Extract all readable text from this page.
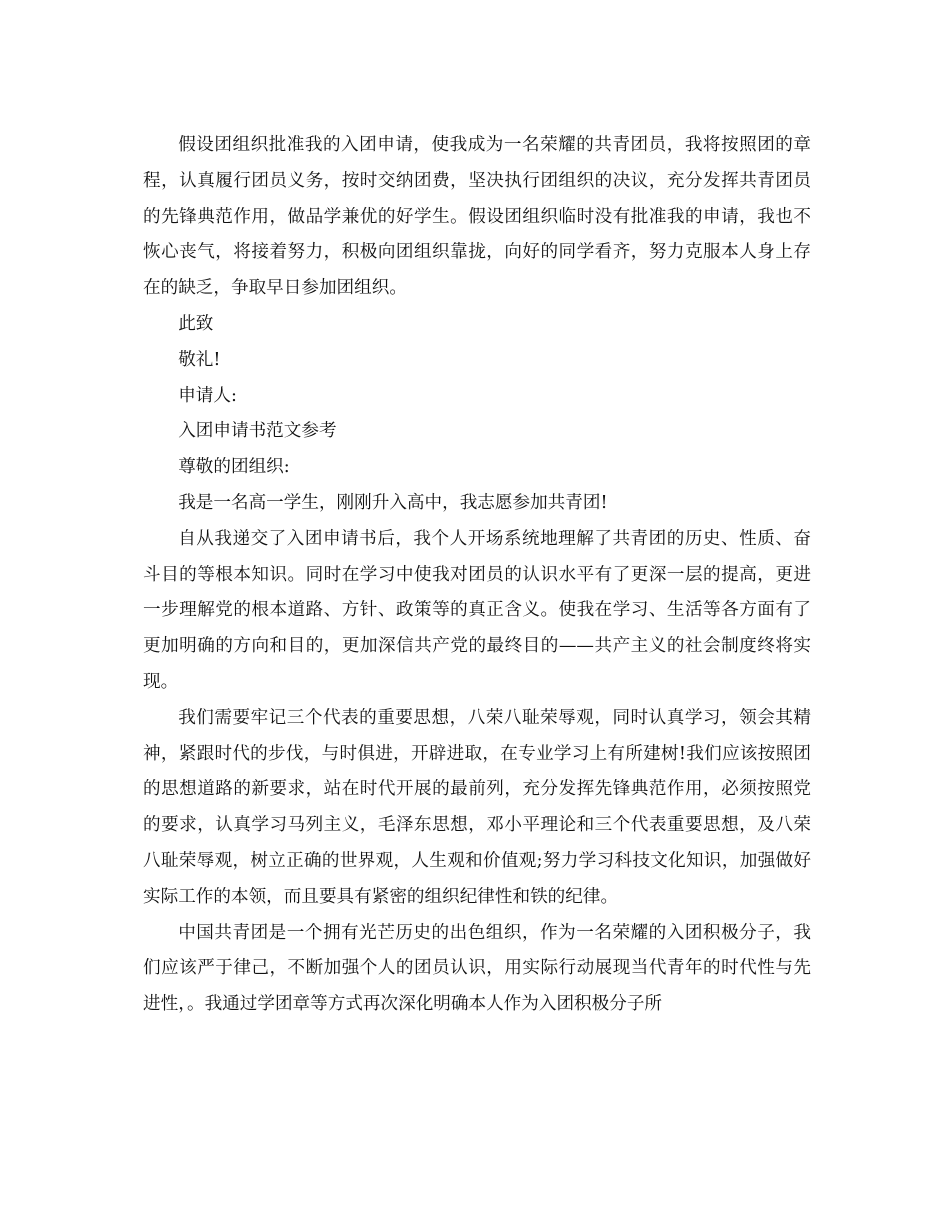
假设团组织批准我的入团申请，使我成为一名荣耀的共青团员，我将按照团的章程，认真履行团员义务，按时交纳团费，坚决执行团组织的决议，充分发挥共青团员的先锋典范作用，做品学兼优的好学生。假设团组织临时没有批准我的申请，我也不恢心丧气，将接着努力，积极向团组织靠拢，向好的同学看齐，努力克服本人身上存在的缺乏，争取早日参加团组织。

此致

敬礼!

申请人:

入团申请书范文参考

尊敬的团组织:

我是一名高一学生，刚刚升入高中，我志愿参加共青团!

自从我递交了入团申请书后，我个人开场系统地理解了共青团的历史、性质、奋斗目的等根本知识。同时在学习中使我对团员的认识水平有了更深一层的提高，更进一步理解党的根本道路、方针、政策等的真正含义。使我在学习、生活等各方面有了更加明确的方向和目的，更加深信共产党的最终目的——共产主义的社会制度终将实现。

我们需要牢记三个代表的重要思想，八荣八耻荣辱观，同时认真学习，领会其精神，紧跟时代的步伐，与时俱进，开辟进取，在专业学习上有所建树!我们应该按照团的思想道路的新要求，站在时代开展的最前列，充分发挥先锋典范作用，必须按照党的要求，认真学习马列主义，毛泽东思想，邓小平理论和三个代表重要思想，及八荣八耻荣辱观，树立正确的世界观，人生观和价值观;努力学习科技文化知识，加强做好实际工作的本领，而且要具有紧密的组织纪律性和铁的纪律。

中国共青团是一个拥有光芒历史的出色组织，作为一名荣耀的入团积极分子，我们应该严于律己，不断加强个人的团员认识，用实际行动展现当代青年的时代性与先进性，。我通过学团章等方式再次深化明确本人作为入团积极分子所
